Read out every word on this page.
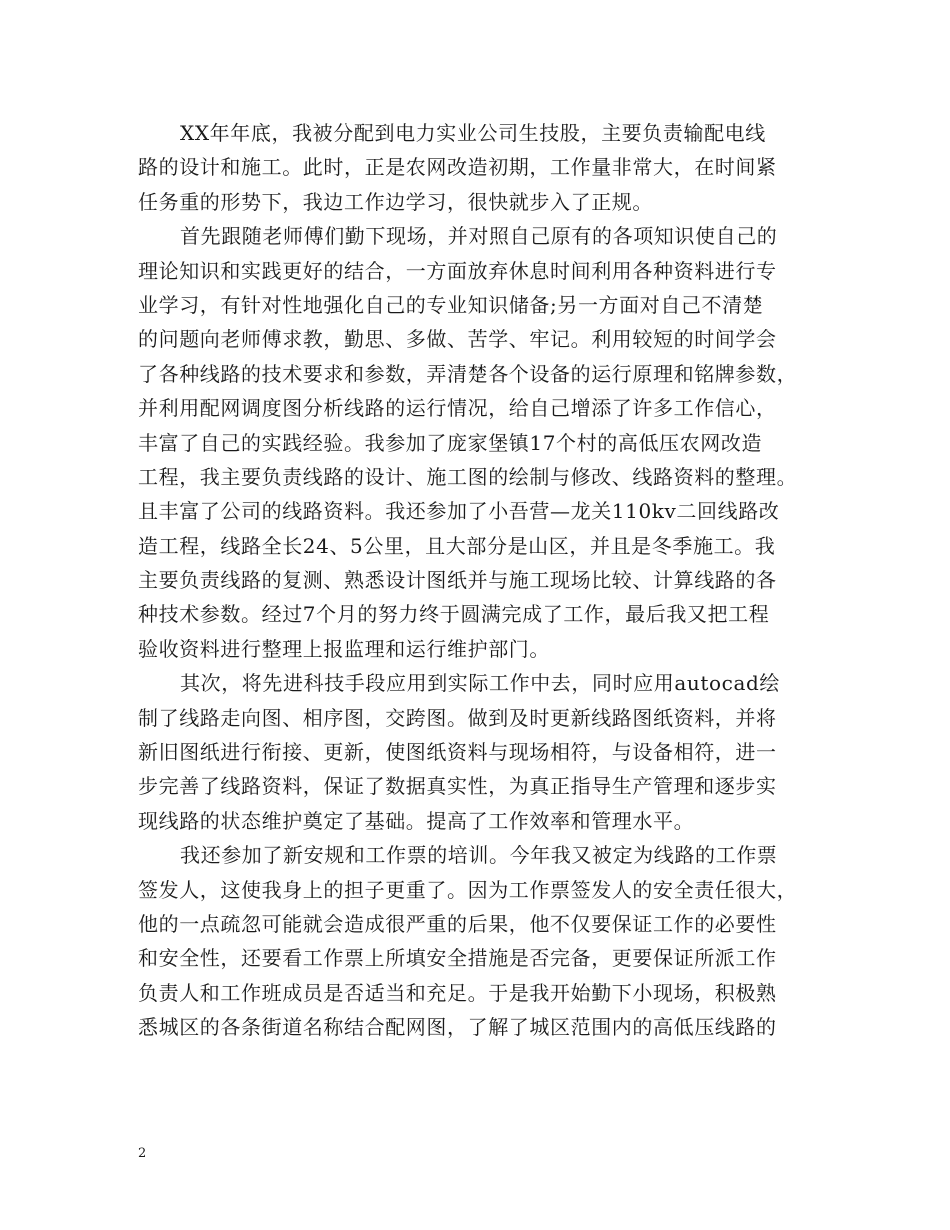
XX年年底，我被分配到电力实业公司生技股，主要负责输配电线
路的设计和施工。此时，正是农网改造初期，工作量非常大，在时间紧
任务重的形势下，我边工作边学习，很快就步入了正规。
首先跟随老师傅们勤下现场，并对照自己原有的各项知识使自己的
理论知识和实践更好的结合，一方面放弃休息时间利用各种资料进行专
业学习，有针对性地强化自己的专业知识储备;另一方面对自己不清楚
的问题向老师傅求教，勤思、多做、苦学、牢记。利用较短的时间学会
了各种线路的技术要求和参数，弄清楚各个设备的运行原理和铭牌参数，
并利用配网调度图分析线路的运行情况，给自己增添了许多工作信心，
丰富了自己的实践经验。我参加了庞家堡镇17个村的高低压农网改造
工程，我主要负责线路的设计、施工图的绘制与修改、线路资料的整理。
且丰富了公司的线路资料。我还参加了小吾营—龙关110kv二回线路改
造工程，线路全长24、5公里，且大部分是山区，并且是冬季施工。我
主要负责线路的复测、熟悉设计图纸并与施工现场比较、计算线路的各
种技术参数。经过7个月的努力终于圆满完成了工作，最后我又把工程
验收资料进行整理上报监理和运行维护部门。
其次，将先进科技手段应用到实际工作中去，同时应用autocad绘
制了线路走向图、相序图，交跨图。做到及时更新线路图纸资料，并将
新旧图纸进行衔接、更新，使图纸资料与现场相符，与设备相符，进一
步完善了线路资料，保证了数据真实性，为真正指导生产管理和逐步实
现线路的状态维护奠定了基础。提高了工作效率和管理水平。
我还参加了新安规和工作票的培训。今年我又被定为线路的工作票
签发人，这使我身上的担子更重了。因为工作票签发人的安全责任很大，
他的一点疏忽可能就会造成很严重的后果，他不仅要保证工作的必要性
和安全性，还要看工作票上所填安全措施是否完备，更要保证所派工作
负责人和工作班成员是否适当和充足。于是我开始勤下小现场，积极熟
悉城区的各条街道名称结合配网图，了解了城区范围内的高低压线路的
2
